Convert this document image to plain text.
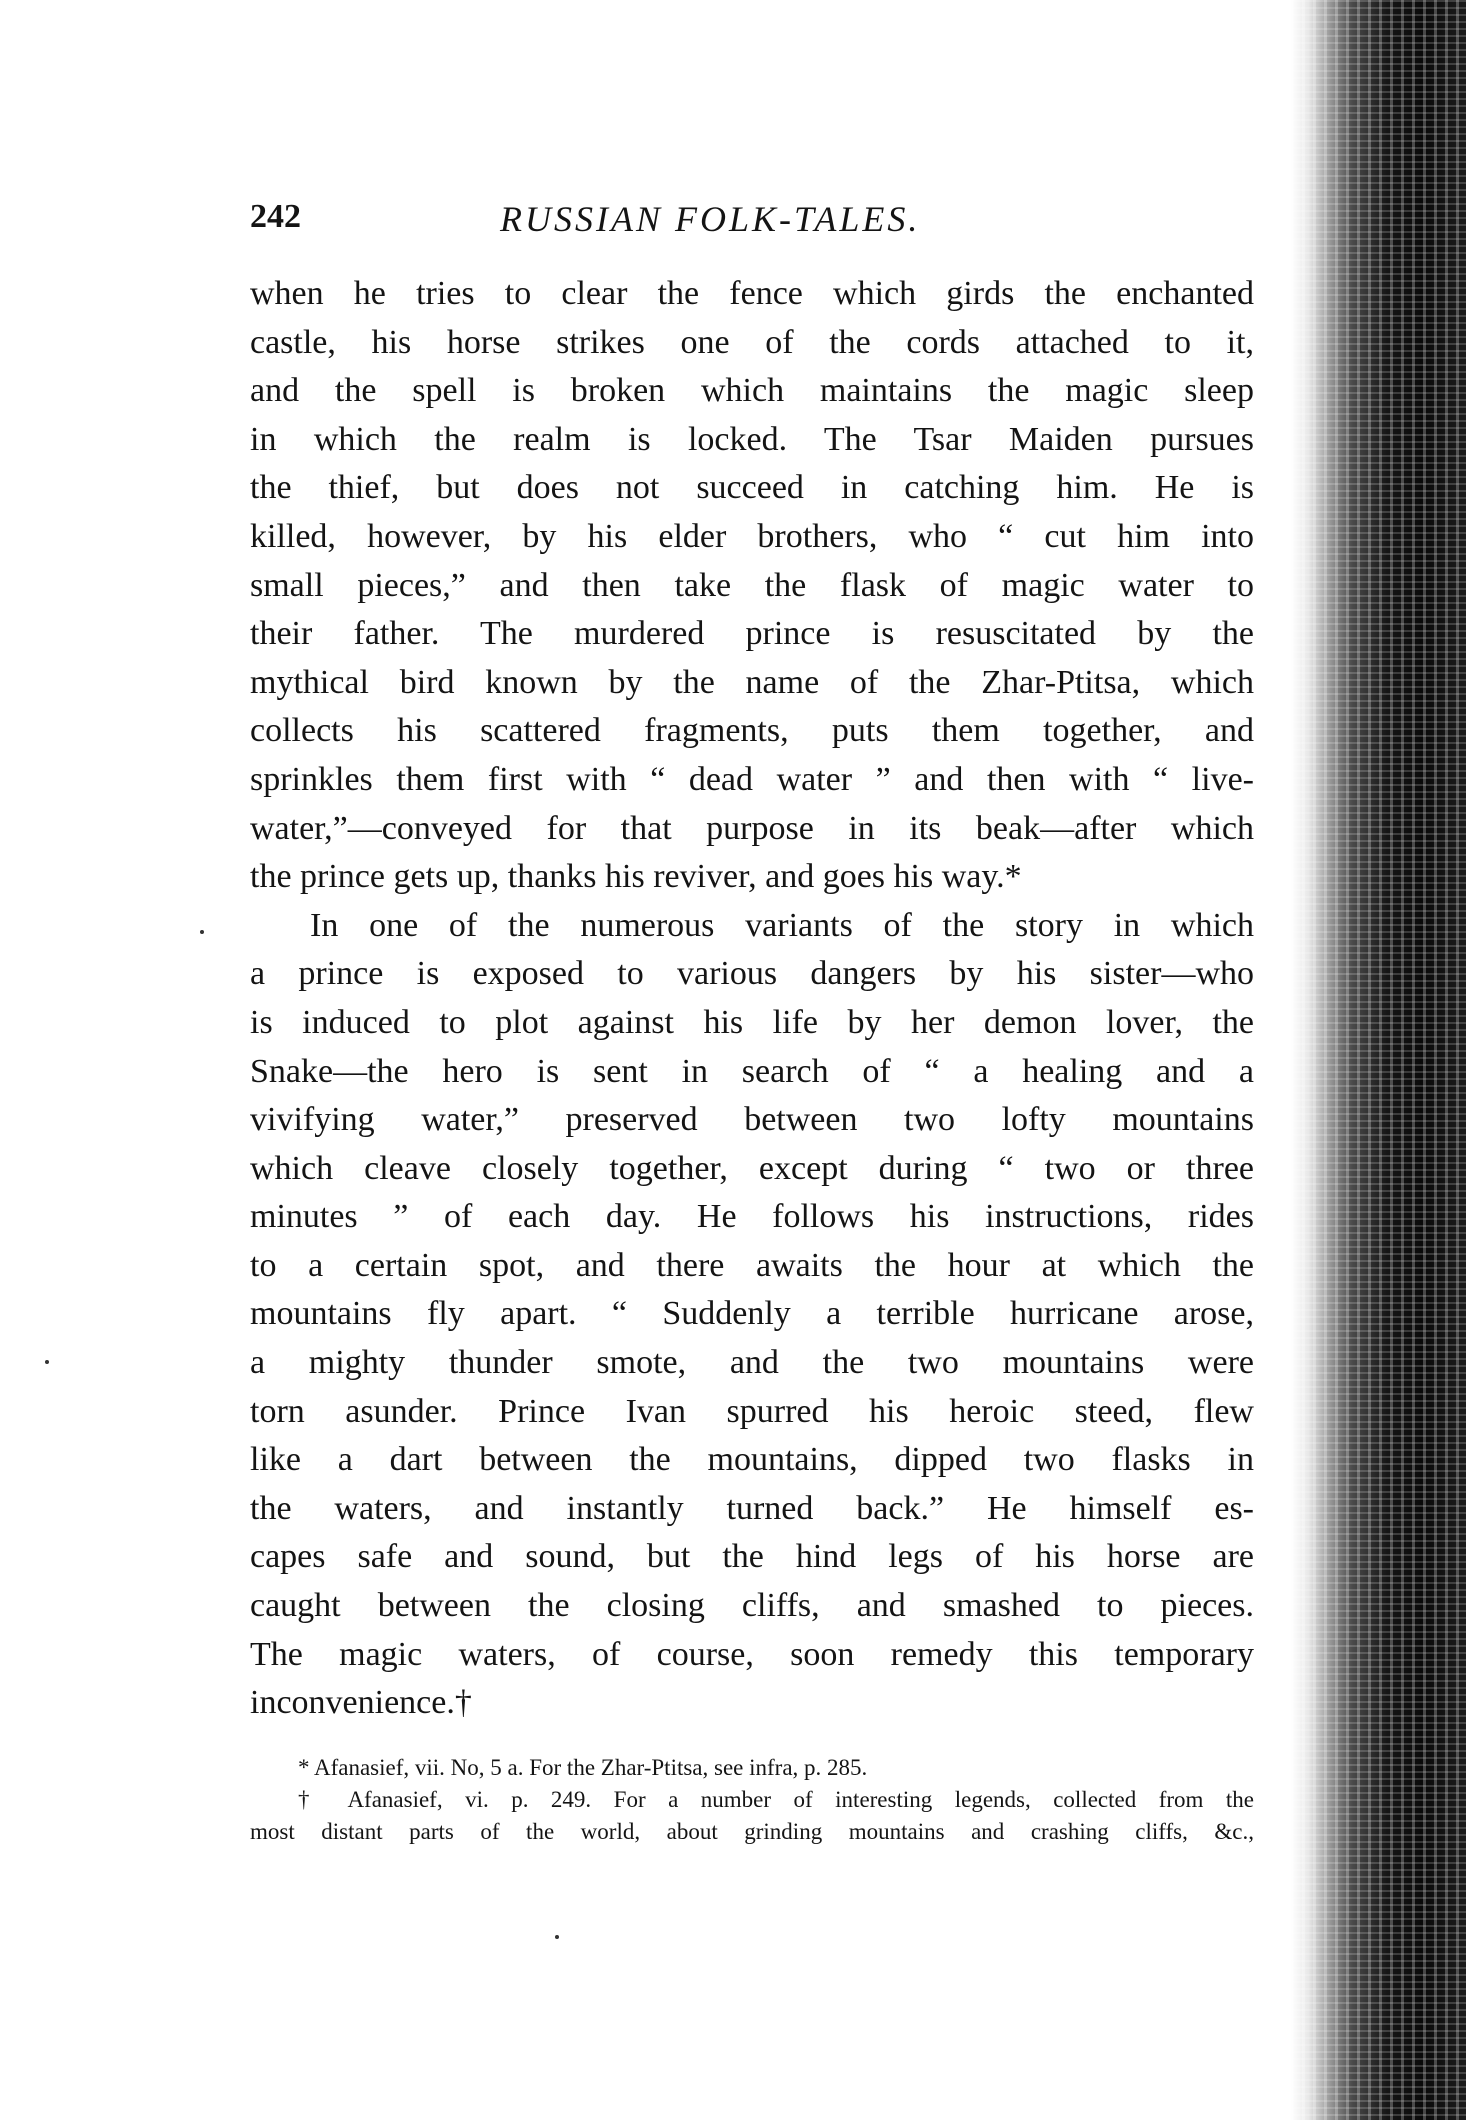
242	RUSSIAN FOLK-TALES.
when he tries to clear the fence which girds the enchanted
castle, his horse strikes one of the cords attached to it,
and the spell is broken which maintains the magic sleep
in which the realm is locked. The Tsar Maiden pursues
the thief, but does not succeed in catching him. He is
killed, however, by his elder brothers, who “ cut him into
small pieces,” and then take the flask of magic water to
their father. The murdered prince is resuscitated by the
mythical bird known by the name of the Zhar-Ptitsa, which
collects his scattered fragments, puts them together, and
sprinkles them first with “ dead water ” and then with “ live-
water,”—conveyed for that purpose in its beak—after which
the prince gets up, thanks his reviver, and goes his way.*
In one of the numerous variants of the story in which
a prince is exposed to various dangers by his sister—who
is induced to plot against his life by her demon lover, the
Snake—the hero is sent in search of “ a healing and a
vivifying water,” preserved between two lofty mountains
which cleave closely together, except during “ two or three
minutes ” of each day. He follows his instructions, rides
to a certain spot, and there awaits the hour at which the
mountains fly apart. “ Suddenly a terrible hurricane arose,
a mighty thunder smote, and the two mountains were
torn asunder. Prince Ivan spurred his heroic steed, flew
like a dart between the mountains, dipped two flasks in
the waters, and instantly turned back.” He himself es-
capes safe and sound, but the hind legs of his horse are
caught between the closing cliffs, and smashed to pieces.
The magic waters, of course, soon remedy this temporary
inconvenience.†
* Afanasief, vii. No, 5 a. For the Zhar-Ptitsa, see infra, p. 285.
† Afanasief, vi. p. 249. For a number of interesting legends, collected from the
most distant parts of the world, about grinding mountains and crashing cliffs, &c.,
